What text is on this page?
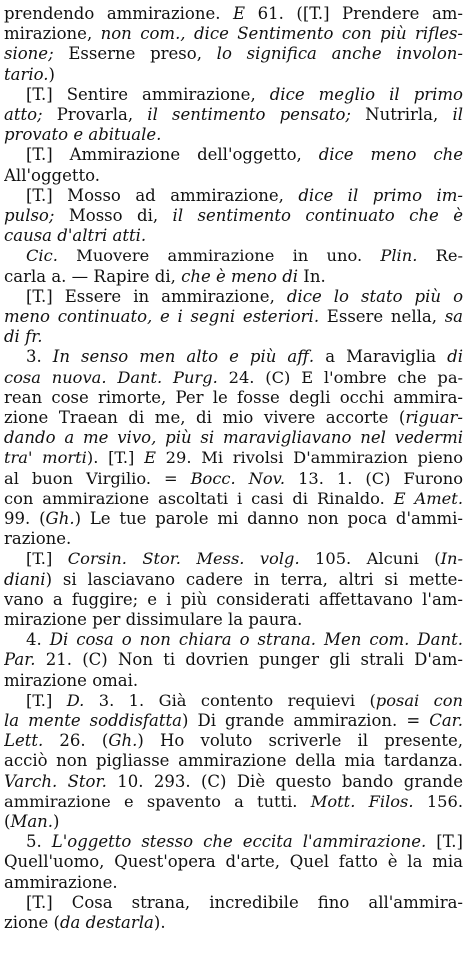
prendendo ammirazione. E 61. ([T.] Prendere am-
mirazione, non com., dice Sentimento con più rifles-
sione; Esserne preso, lo significa anche involon-
tario.)
[T.] Sentire ammirazione, dice meglio il primo
atto; Provarla, il sentimento pensato; Nutrirla, il
provato e abituale.
[T.] Ammirazione dell'oggetto, dice meno che
All'oggetto.
[T.] Mosso ad ammirazione, dice il primo im-
pulso; Mosso di, il sentimento continuato che è
causa d'altri atti.
Cic. Muovere ammirazione in uno. Plin. Re-
carla a. — Rapire di, che è meno di In.
[T.] Essere in ammirazione, dice lo stato più o
meno continuato, e i segni esteriori. Essere nella, sa
di fr.
3. In senso men alto e più aff. a Maraviglia di
cosa nuova. Dant. Purg. 24. (C) E l'ombre che pa-
rean cose rimorte, Per le fosse degli occhi ammira-
zione Traean di me, di mio vivere accorte (riguar-
dando a me vivo, più si maravigliavano nel vedermi
tra' morti). [T.] E 29. Mi rivolsi D'ammirazion pieno
al buon Virgilio. = Bocc. Nov. 13. 1. (C) Furono
con ammirazione ascoltati i casi di Rinaldo. E Amet.
99. (Gh.) Le tue parole mi danno non poca d'ammi-
razione.
[T.] Corsin. Stor. Mess. volg. 105. Alcuni (In-
diani) si lasciavano cadere in terra, altri si mette-
vano a fuggire; e i più considerati affettavano l'am-
mirazione per dissimulare la paura.
4. Di cosa o non chiara o strana. Men com. Dant.
Par. 21. (C) Non ti dovrien punger gli strali D'am-
mirazione omai.
[T.] D. 3. 1. Già contento requievi (posai con
la mente soddisfatta) Di grande ammirazion. = Car.
Lett. 26. (Gh.) Ho voluto scriverle il presente,
acciò non pigliasse ammirazione della mia tardanza.
Varch. Stor. 10. 293. (C) Diè questo bando grande
ammirazione e spavento a tutti. Mott. Filos. 156.
(Man.)
5. L'oggetto stesso che eccita l'ammirazione. [T.]
Quell'uomo, Quest'opera d'arte, Quel fatto è la mia
ammirazione.
[T.] Cosa strana, incredibile fino all'ammira-
zione (da destarla).
